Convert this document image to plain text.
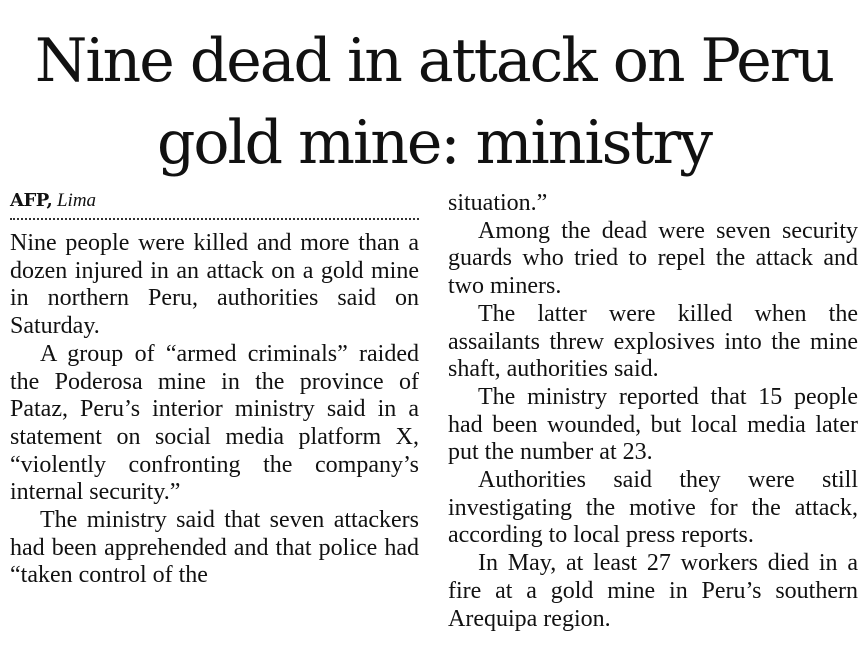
Nine dead in attack on Peru
gold mine: ministry
AFP, Lima

Nine people were killed and more than a dozen injured in an attack on a gold mine in northern Peru, authorities said on Saturday.

A group of “armed criminals” raided the Poderosa mine in the province of Pataz, Peru’s interior ministry said in a statement on social media platform X, “violently confronting the company’s internal security.”

The ministry said that seven attackers had been apprehended and that police had “taken control of the

situation.”

Among the dead were seven security guards who tried to repel the attack and two miners.

The latter were killed when the assailants threw explosives into the mine shaft, authorities said.

The ministry reported that 15 people had been wounded, but local media later put the number at 23.

Authorities said they were still investigating the motive for the attack, according to local press reports.

In May, at least 27 workers died in a fire at a gold mine in Peru’s southern Arequipa region.
